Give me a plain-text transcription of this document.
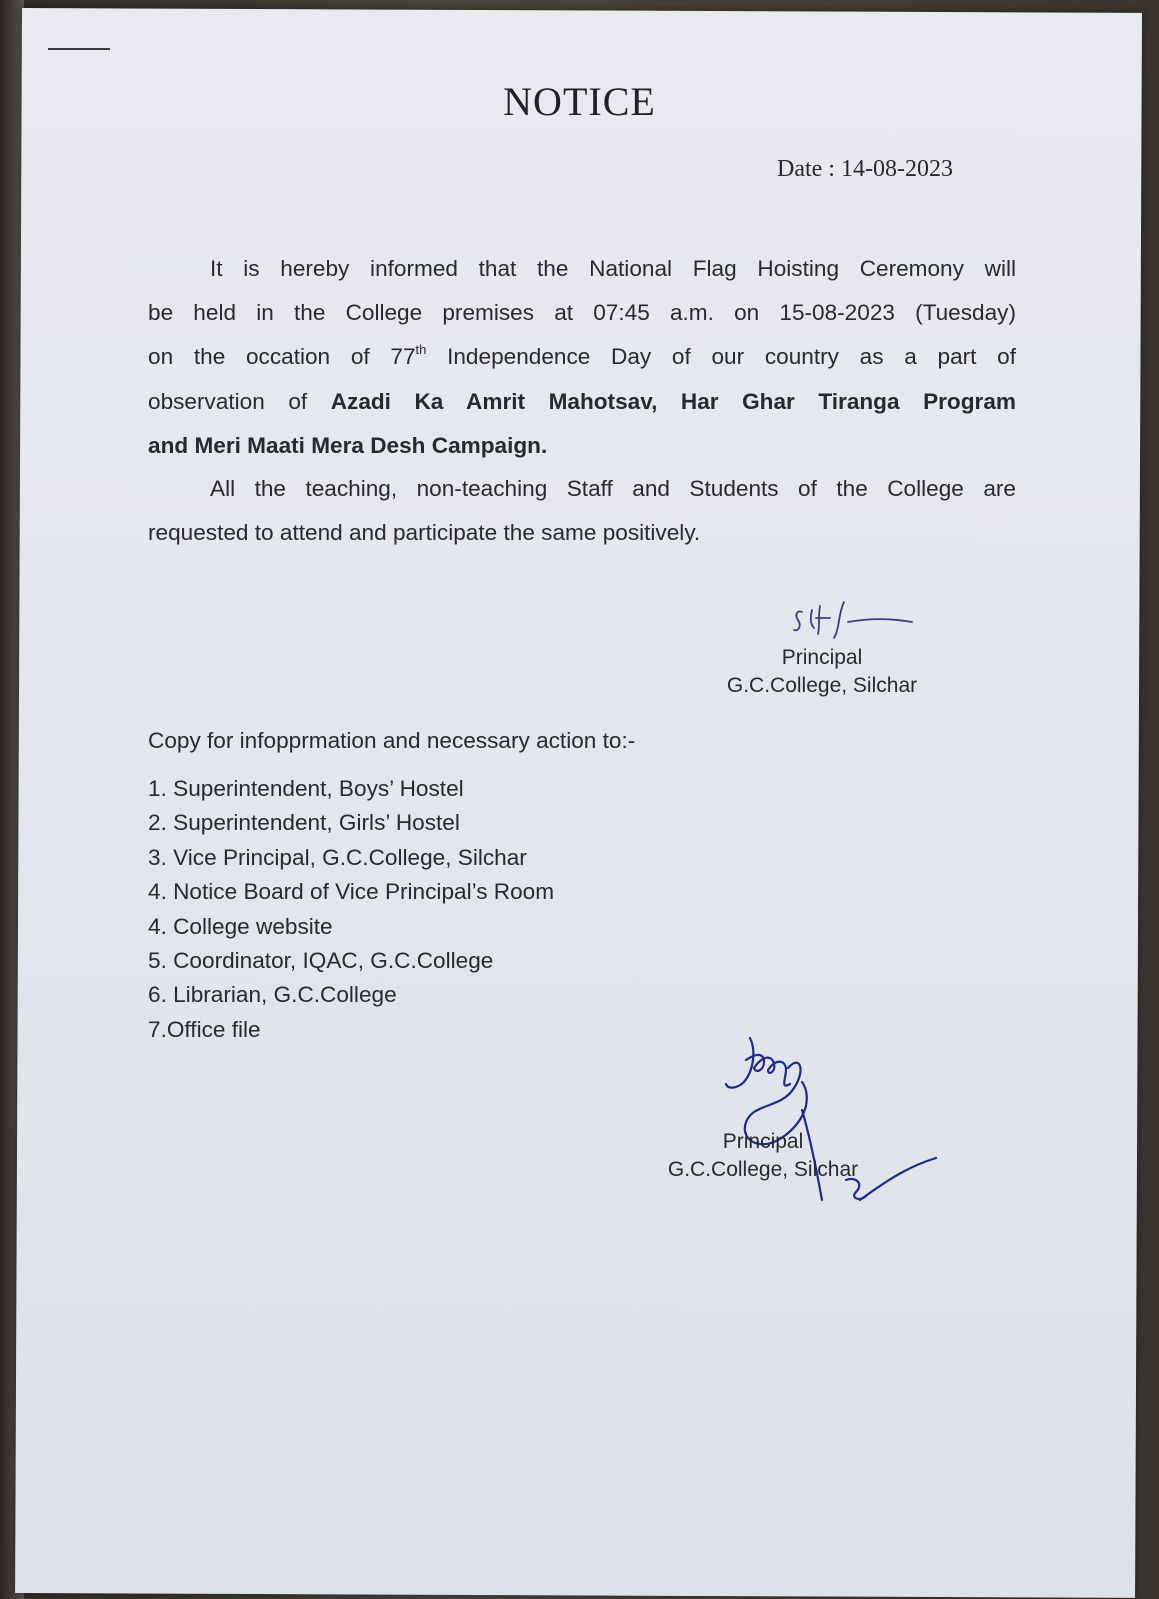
NOTICE
Date : 14-08-2023
It is hereby informed that the National Flag Hoisting Ceremony will
be held in the College premises at 07:45 a.m. on 15-08-2023 (Tuesday)
on the occation of 77th Independence Day of our country as a part of
observation of Azadi Ka Amrit Mahotsav, Har Ghar Tiranga Program
and Meri Maati Mera Desh Campaign.
All the teaching, non-teaching Staff and Students of the College are
requested to attend and participate the same positively.
Principal
G.C.College, Silchar
Copy for infopprmation and necessary action to:-
1. Superintendent, Boys’ Hostel
2. Superintendent, Girls’ Hostel
3. Vice Principal, G.C.College, Silchar
4. Notice Board of Vice Principal’s Room
4. College website
5. Coordinator, IQAC, G.C.College
6. Librarian, G.C.College
7.Office file
Principal
G.C.College, Silchar
